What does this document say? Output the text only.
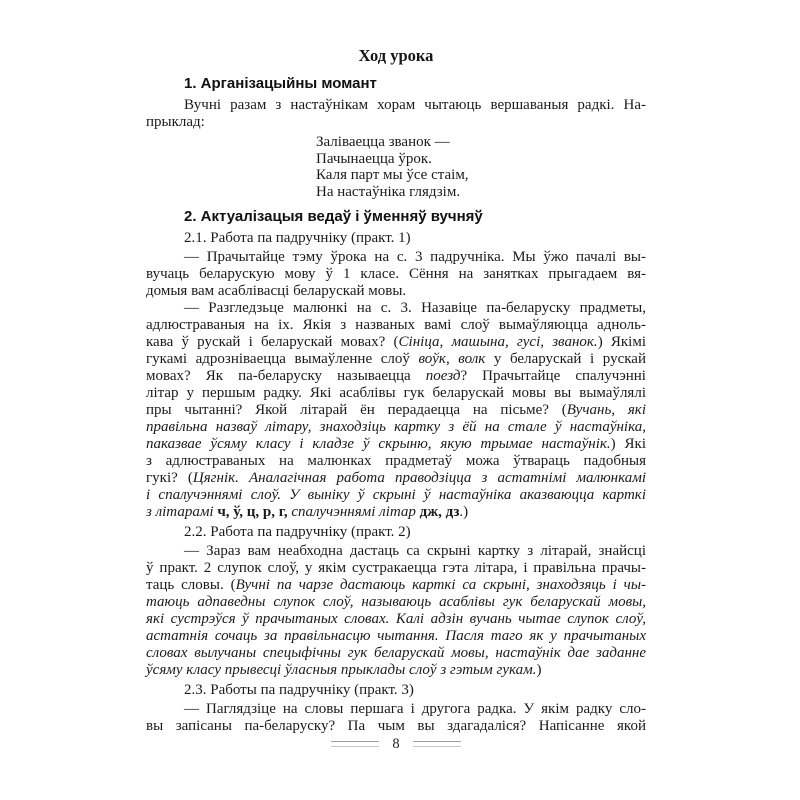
Ход урока
1. Арганізацыйны момант
Вучні разам з настаўнікам хорам чытаюць вершаваныя радкі. На-
прыклад:
Заліваецца званок —
Пачынаецца ўрок.
Каля парт мы ўсе стаім,
На настаўніка глядзім.
2. Актуалізацыя ведаў і ўменняў вучняў
2.1. Работа па падручніку (практ. 1)
— Прачытайце тэму ўрока на с. 3 падручніка. Мы ўжо пачалі вы-
вучаць беларускую мову ў 1 класе. Сёння на занятках прыгадаем вя-
домыя вам асаблівасці беларускай мовы.
— Разгледзьце малюнкі на с. 3. Назавіце па-беларуску прадметы,
адлюстраваныя на іх. Якія з названых вамі слоў вымаўляюцца адноль-
кава ў рускай і беларускай мовах? (Сініца, машына, гусі, званок.) Якімі
гукамі адрозніваецца вымаўленне слоў воўк, волк у беларускай і рускай
мовах? Як па-беларуску называецца поезд? Прачытайце спалучэнні
літар у першым радку. Які асаблівы гук беларускай мовы вы вымаўлялі
пры чытанні? Якой літарай ён перадаецца на пісьме? (Вучань, які
правільна назваў літару, знаходзіць картку з ёй на стале ў настаўніка,
паказвае ўсяму класу і кладзе ў скрыню, якую трымае настаўнік.) Які
з адлюстраваных на малюнках прадметаў можа ўтвараць падобныя
гукі? (Цягнік. Аналагічная работа праводзіцца з астатнімі малюнкамі
і спалучэннямі слоў. У выніку ў скрыні ў настаўніка аказваюцца карткі
з літарамі ч, ў, ц, р, г, спалучэннямі літар дж, дз.)
2.2. Работа па падручніку (практ. 2)
— Зараз вам неабходна дастаць са скрыні картку з літарай, знайсці
ў практ. 2 слупок слоў, у якім сустракаецца гэта літара, і правільна прачы-
таць словы. (Вучні па чарзе дастаюць карткі са скрыні, знаходзяць і чы-
таюць адпаведны слупок слоў, называюць асаблівы гук беларускай мовы,
які сустрэўся ў прачытаных словах. Калі адзін вучань чытае слупок слоў,
астатнія сочаць за правільнасцю чытання. Пасля таго як у прачытаных
словах вылучаны спецыфічны гук беларускай мовы, настаўнік дае заданне
ўсяму класу прывесці ўласныя прыклады слоў з гэтым гукам.)
2.3. Работы па падручніку (практ. 3)
— Паглядзіце на словы першага і другога радка. У якім радку сло-
вы запісаны па-беларуску? Па чым вы здагадаліся? Напісанне якой
8
